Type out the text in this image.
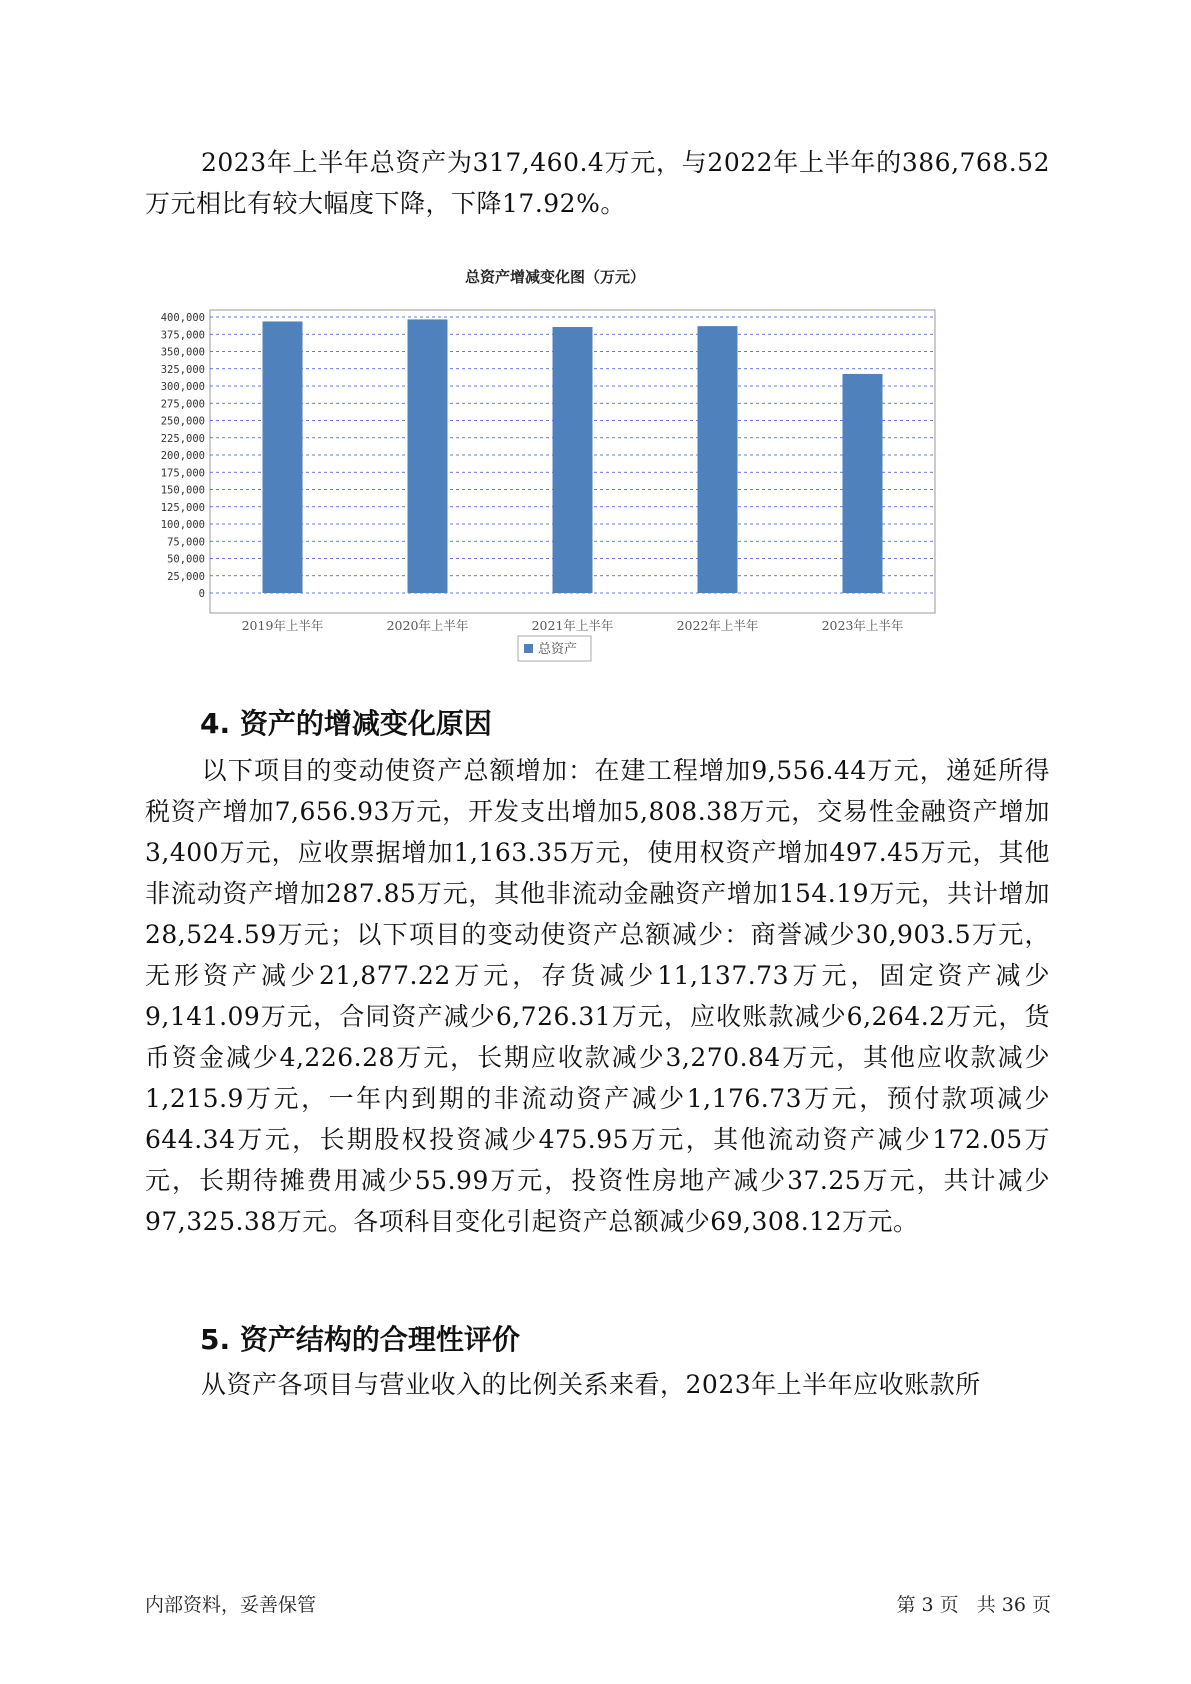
2023年上半年总资产为317,460.4万元，与2022年上半年的386,768.52万元相比有较大幅度下降，下降17.92%。

总资产增减变化图（万元）
0
25,000
50,000
75,000
100,000
125,000
150,000
175,000
200,000
225,000
250,000
275,000
300,000
325,000
350,000
375,000
400,000
2019年上半年	2020年上半年	2021年上半年	2022年上半年	2023年上半年
总资产
4. 资产的增减变化原因

以下项目的变动使资产总额增加：在建工程增加9,556.44万元，递延所得税资产增加7,656.93万元，开发支出增加5,808.38万元，交易性金融资产增加3,400万元，应收票据增加1,163.35万元，使用权资产增加497.45万元，其他非流动资产增加287.85万元，其他非流动金融资产增加154.19万元，共计增加28,524.59万元；以下项目的变动使资产总额减少：商誉减少30,903.5万元，无形资产减少21,877.22万元，存货减少11,137.73万元，固定资产减少9,141.09万元，合同资产减少6,726.31万元，应收账款减少6,264.2万元，货币资金减少4,226.28万元，长期应收款减少3,270.84万元，其他应收款减少1,215.9万元，一年内到期的非流动资产减少1,176.73万元，预付款项减少644.34万元，长期股权投资减少475.95万元，其他流动资产减少172.05万元，长期待摊费用减少55.99万元，投资性房地产减少37.25万元，共计减少97,325.38万元。各项科目变化引起资产总额减少69,308.12万元。

5. 资产结构的合理性评价

从资产各项目与营业收入的比例关系来看，2023年上半年应收账款所

内部资料，妥善保管	第 3 页   共 36 页
